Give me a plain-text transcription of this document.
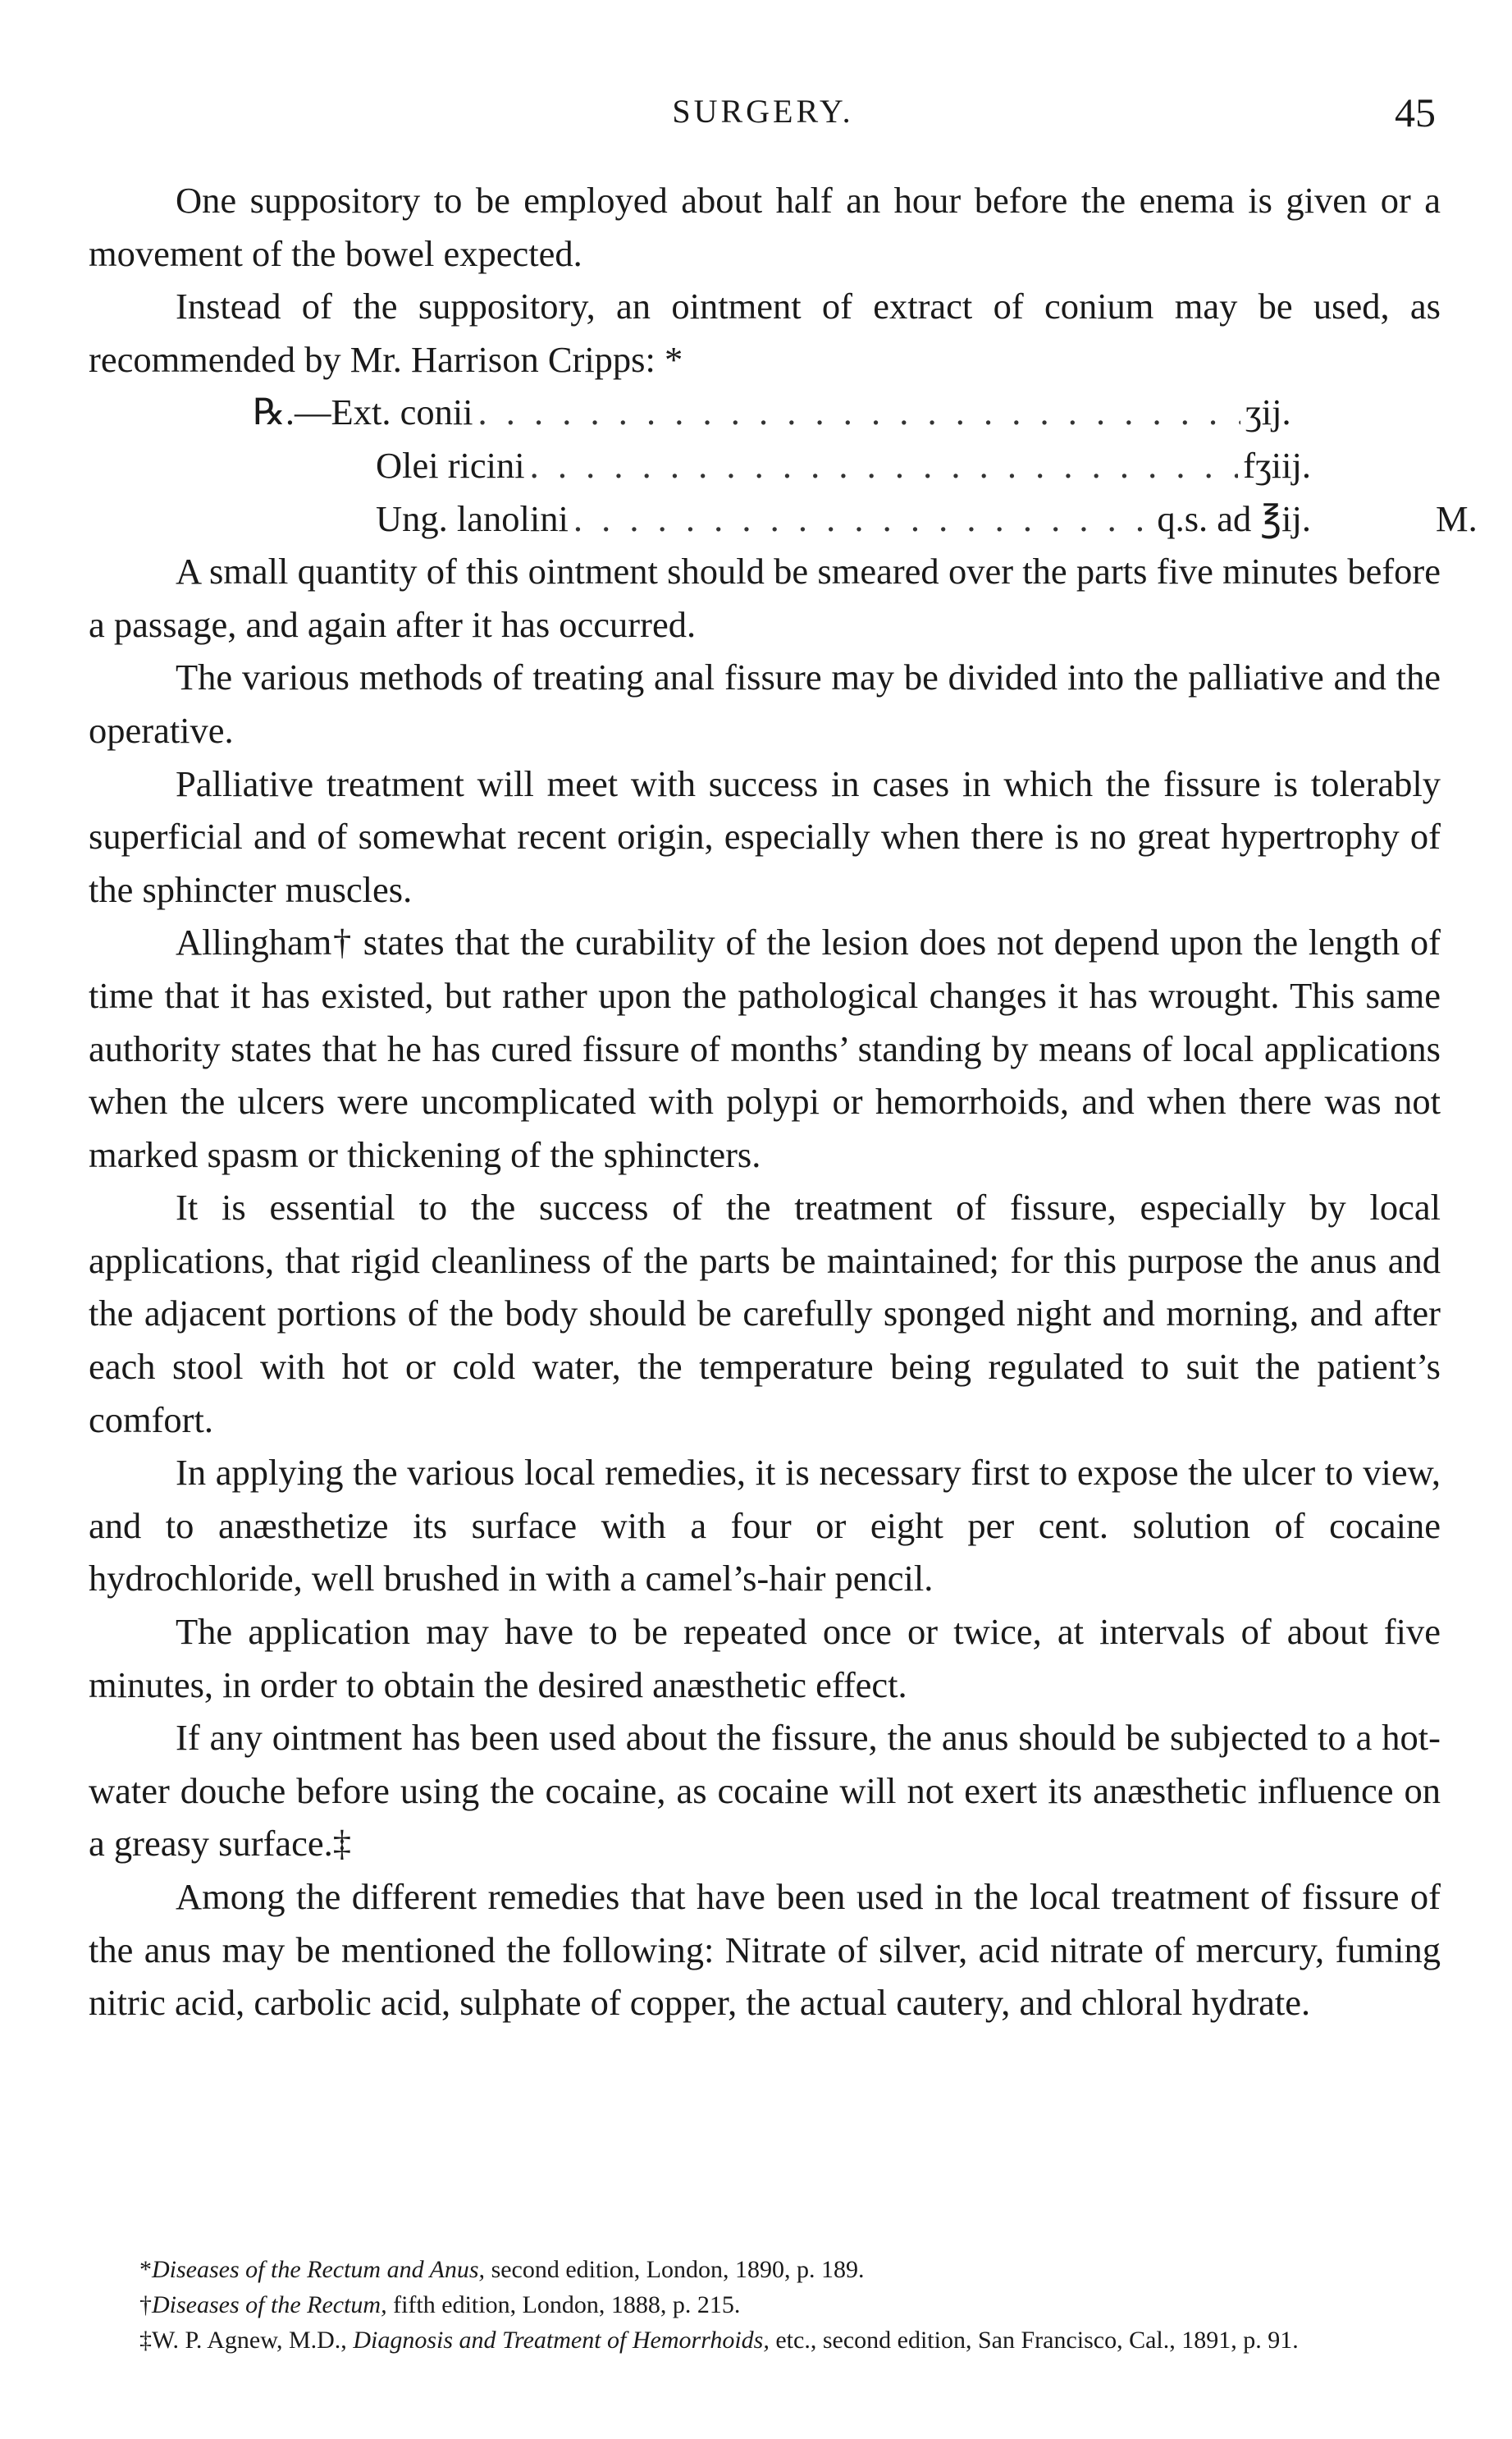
SURGERY.	45

One suppository to be employed about half an hour before the enema is given or a movement of the bowel expected.

Instead of the suppository, an ointment of extract of conium may be used, as recommended by Mr. Harrison Cripps: *

℞.—Ext. conii . . .	ʒij.
Olei ricini . . .	fʒiij.
Ung. lanolini . . .	q.s. ad ℥ij.	M.

A small quantity of this ointment should be smeared over the parts five minutes before a passage, and again after it has occurred.

The various methods of treating anal fissure may be divided into the palliative and the operative.

Palliative treatment will meet with success in cases in which the fissure is tolerably superficial and of somewhat recent origin, especially when there is no great hypertrophy of the sphincter muscles.

Allingham† states that the curability of the lesion does not depend upon the length of time that it has existed, but rather upon the pathological changes it has wrought. This same authority states that he has cured fissure of months’ standing by means of local applications when the ulcers were uncomplicated with polypi or hemorrhoids, and when there was not marked spasm or thickening of the sphincters.

It is essential to the success of the treatment of fissure, especially by local applications, that rigid cleanliness of the parts be maintained; for this purpose the anus and the adjacent portions of the body should be carefully sponged night and morning, and after each stool with hot or cold water, the temperature being regulated to suit the patient’s comfort.

In applying the various local remedies, it is necessary first to expose the ulcer to view, and to anæsthetize its surface with a four or eight per cent. solution of cocaine hydrochloride, well brushed in with a camel’s-hair pencil.

The application may have to be repeated once or twice, at intervals of about five minutes, in order to obtain the desired anæsthetic effect.

If any ointment has been used about the fissure, the anus should be subjected to a hot-water douche before using the cocaine, as cocaine will not exert its anæsthetic influence on a greasy surface.‡

Among the different remedies that have been used in the local treatment of fissure of the anus may be mentioned the following: Nitrate of silver, acid nitrate of mercury, fuming nitric acid, carbolic acid, sulphate of copper, the actual cautery, and chloral hydrate.

*Diseases of the Rectum and Anus, second edition, London, 1890, p. 189.

†Diseases of the Rectum, fifth edition, London, 1888, p. 215.

‡W. P. Agnew, M.D., Diagnosis and Treatment of Hemorrhoids, etc., second edition, San Francisco, Cal., 1891, p. 91.
